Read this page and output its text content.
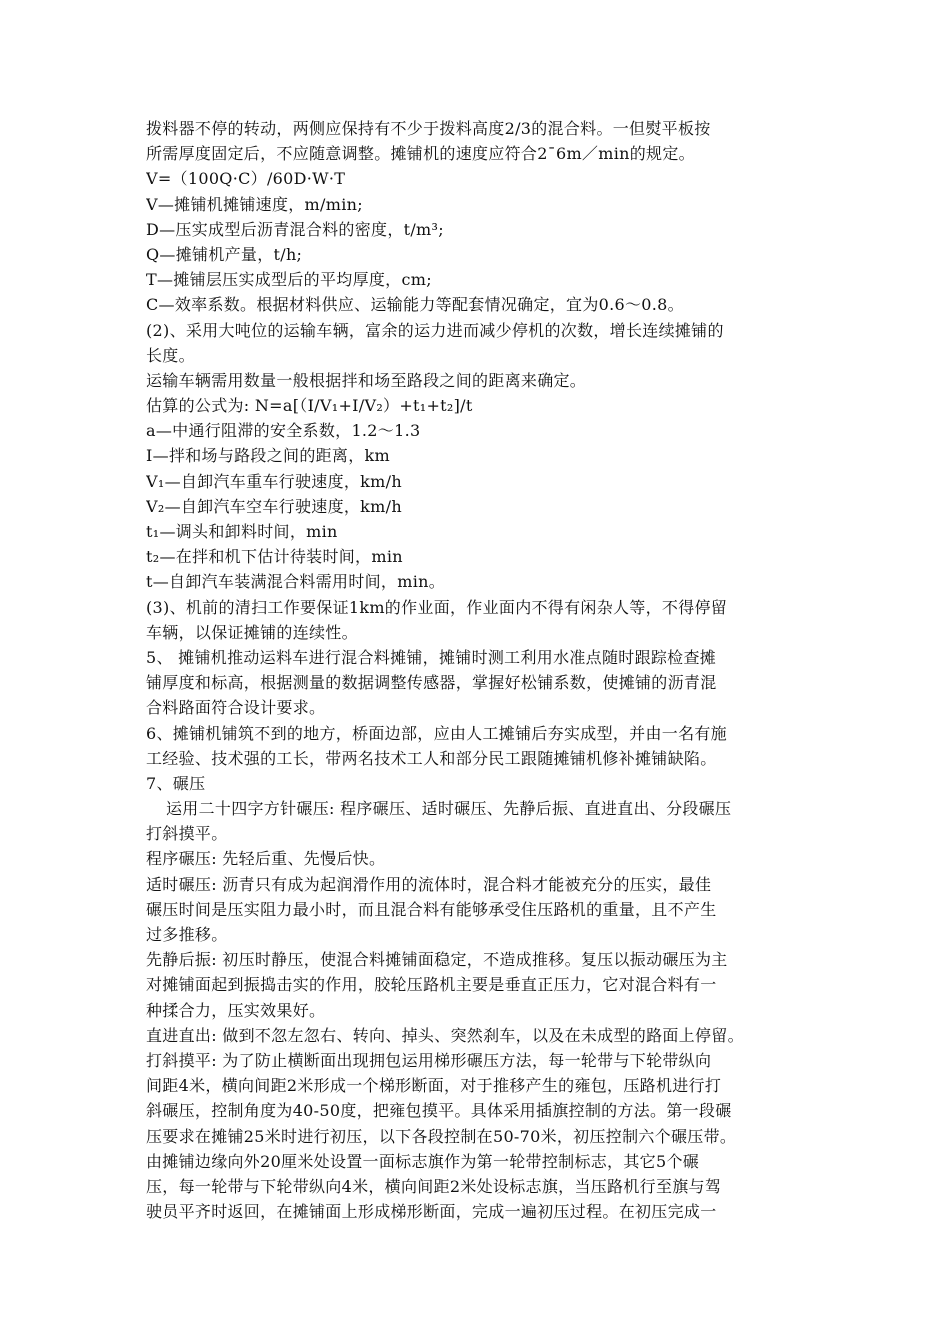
拨料器不停的转动，两侧应保持有不少于拨料高度2/3的混合料。一但熨平板按
所需厚度固定后，不应随意调整。摊铺机的速度应符合2¯6m／min的规定。
V=（100Q·C）/60D·W·T
V—摊铺机摊铺速度，m/min;
D—压实成型后沥青混合料的密度，t/m³;
Q—摊铺机产量，t/h;
T—摊铺层压实成型后的平均厚度，cm;
C—效率系数。根据材料供应、运输能力等配套情况确定，宜为0.6～0.8。
(2)、采用大吨位的运输车辆，富余的运力进而减少停机的次数，增长连续摊铺的
长度。
运输车辆需用数量一般根据拌和场至路段之间的距离来确定。
估算的公式为: N=a[（I/V₁+I/V₂）+t₁+t₂]/t
a—中通行阻滞的安全系数，1.2～1.3
I—拌和场与路段之间的距离，km
V₁—自卸汽车重车行驶速度，km/h
V₂—自卸汽车空车行驶速度，km/h
t₁—调头和卸料时间，min
t₂—在拌和机下估计待装时间，min
t—自卸汽车装满混合料需用时间，min。
(3)、机前的清扫工作要保证1km的作业面，作业面内不得有闲杂人等，不得停留
车辆，以保证摊铺的连续性。
5、 摊铺机推动运料车进行混合料摊铺，摊铺时测工利用水准点随时跟踪检查摊
铺厚度和标高，根据测量的数据调整传感器，掌握好松铺系数，使摊铺的沥青混
合料路面符合设计要求。
6、摊铺机铺筑不到的地方，桥面边部，应由人工摊铺后夯实成型，并由一名有施
工经验、技术强的工长，带两名技术工人和部分民工跟随摊铺机修补摊铺缺陷。
7、碾压
运用二十四字方针碾压: 程序碾压、适时碾压、先静后振、直进直出、分段碾压
打斜摸平。
程序碾压: 先轻后重、先慢后快。
适时碾压: 沥青只有成为起润滑作用的流体时，混合料才能被充分的压实，最佳
碾压时间是压实阻力最小时，而且混合料有能够承受住压路机的重量，且不产生
过多推移。
先静后振: 初压时静压，使混合料摊铺面稳定，不造成推移。复压以振动碾压为主
对摊铺面起到振捣击实的作用，胶轮压路机主要是垂直正压力，它对混合料有一
种揉合力，压实效果好。
直进直出: 做到不忽左忽右、转向、掉头、突然刹车，以及在未成型的路面上停留。
打斜摸平: 为了防止横断面出现拥包运用梯形碾压方法，每一轮带与下轮带纵向
间距4米，横向间距2米形成一个梯形断面，对于推移产生的雍包，压路机进行打
斜碾压，控制角度为40-50度，把雍包摸平。具体采用插旗控制的方法。第一段碾
压要求在摊铺25米时进行初压，以下各段控制在50-70米，初压控制六个碾压带。
由摊铺边缘向外20厘米处设置一面标志旗作为第一轮带控制标志，其它5个碾
压，每一轮带与下轮带纵向4米，横向间距2米处设标志旗，当压路机行至旗与驾
驶员平齐时返回，在摊铺面上形成梯形断面，完成一遍初压过程。在初压完成一
